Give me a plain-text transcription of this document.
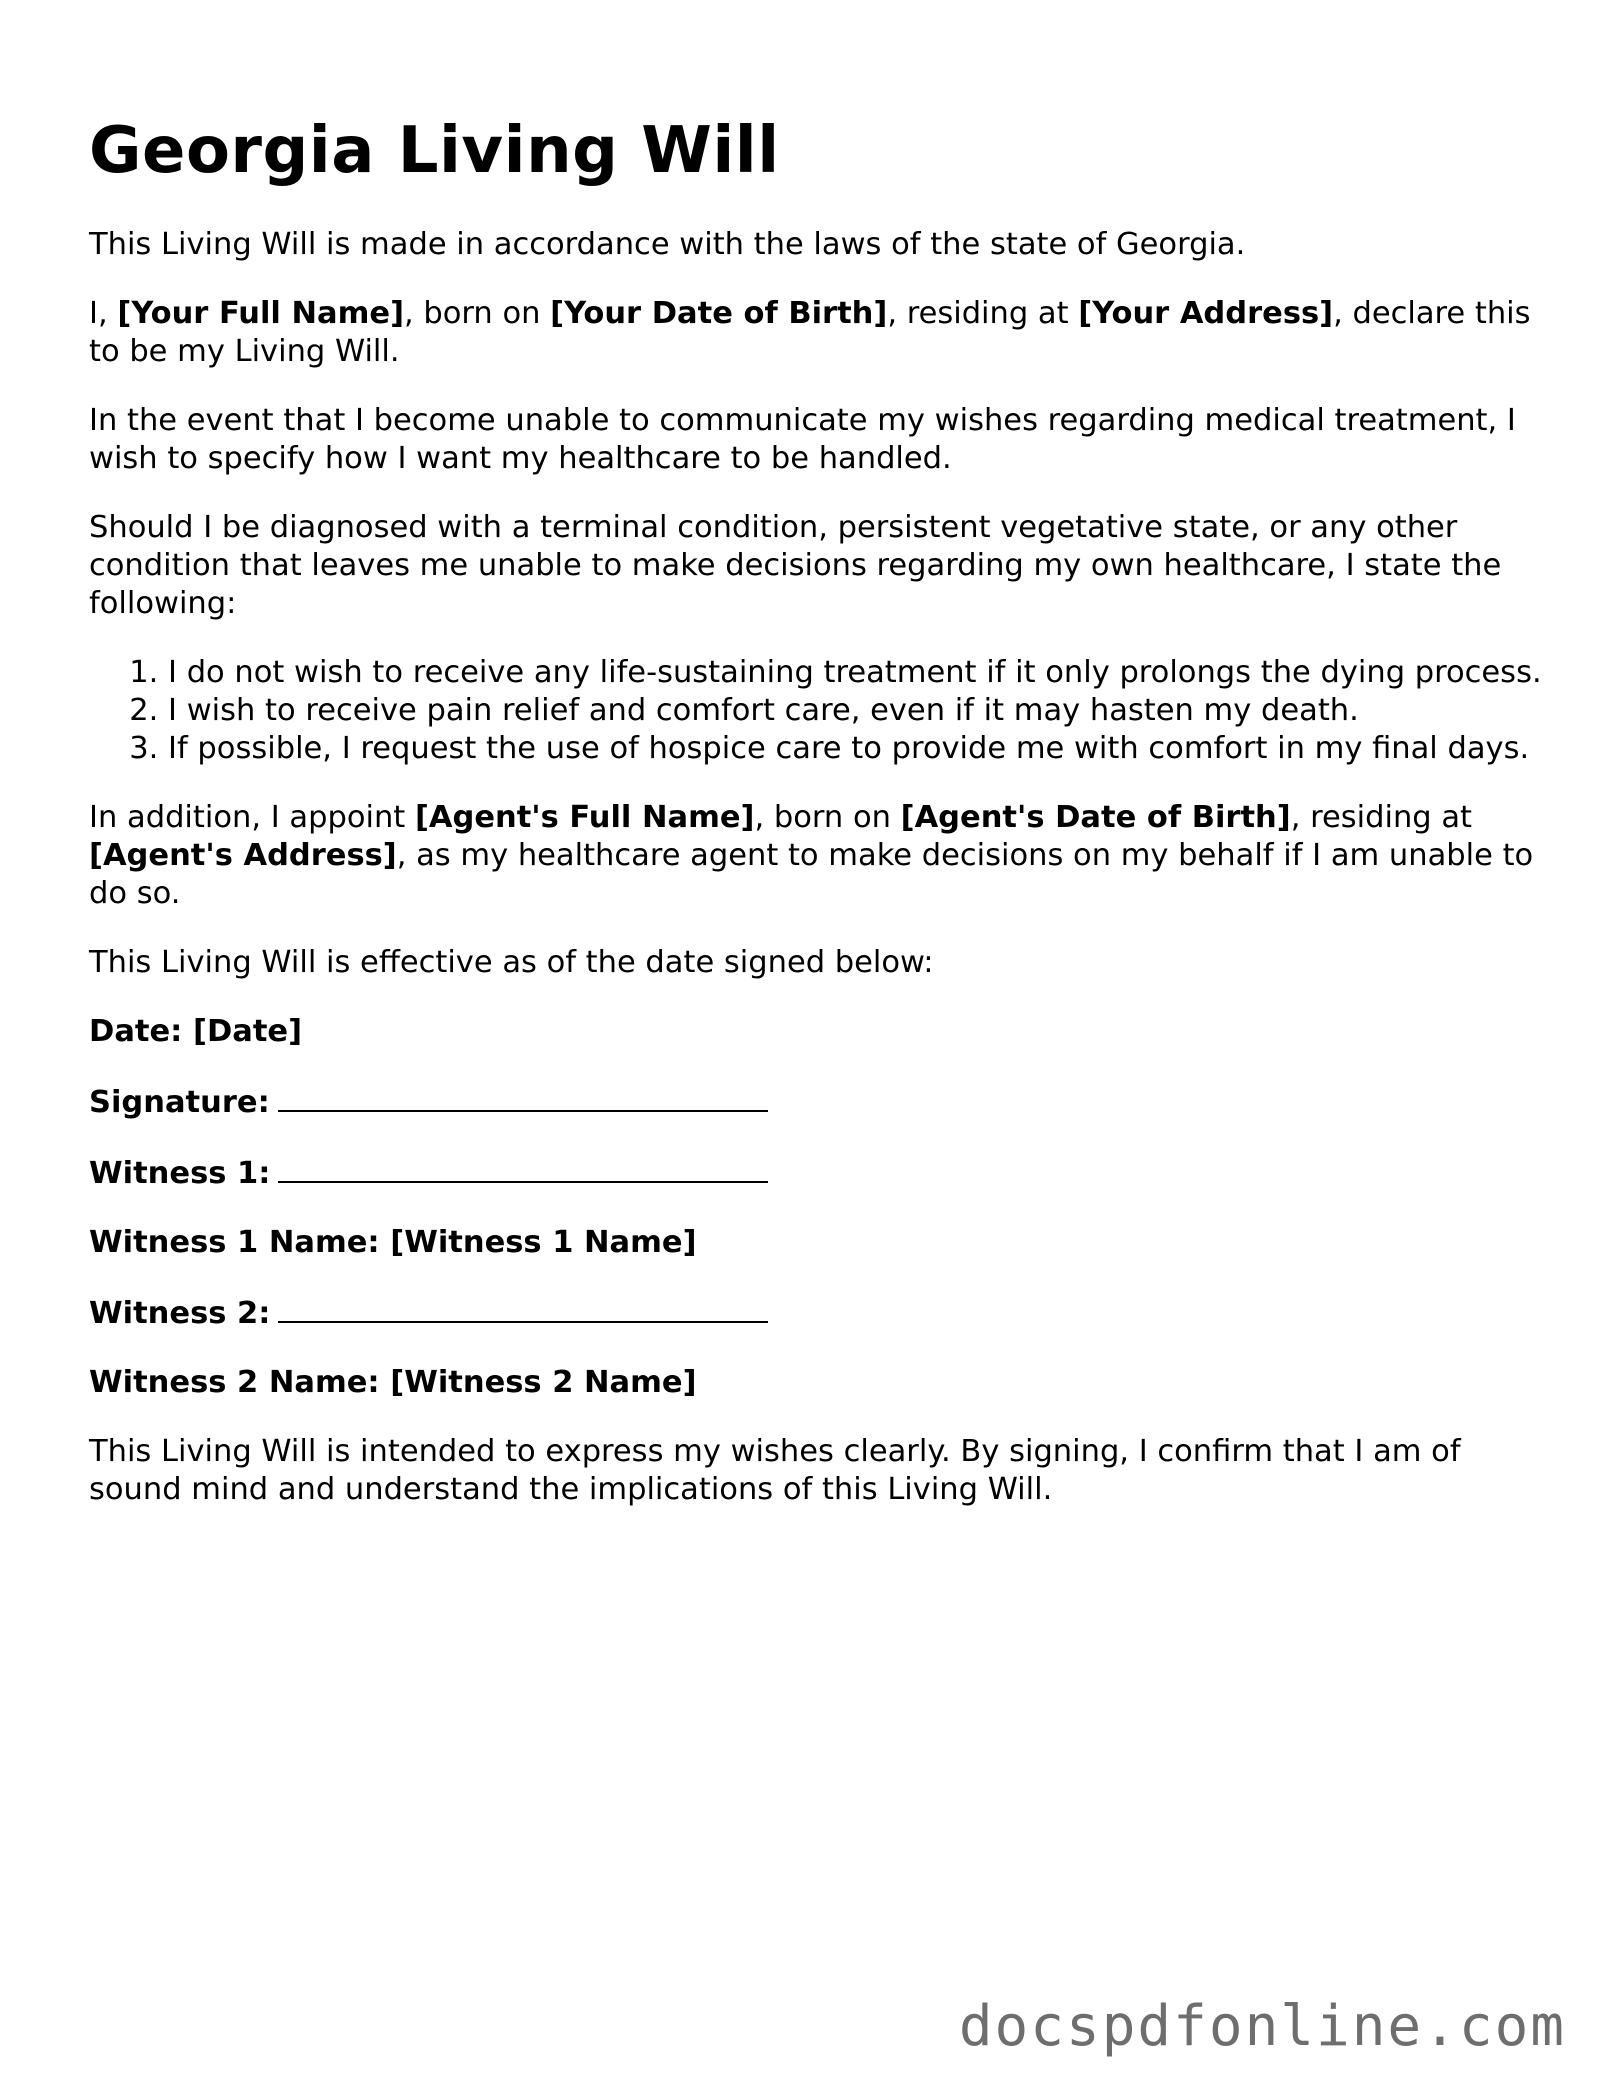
Georgia Living Will

This Living Will is made in accordance with the laws of the state of Georgia.

I, [Your Full Name], born on [Your Date of Birth], residing at [Your Address], declare this to be my Living Will.

In the event that I become unable to communicate my wishes regarding medical treatment, I wish to specify how I want my healthcare to be handled.

Should I be diagnosed with a terminal condition, persistent vegetative state, or any other condition that leaves me unable to make decisions regarding my own healthcare, I state the following:

1. I do not wish to receive any life-sustaining treatment if it only prolongs the dying process.
2. I wish to receive pain relief and comfort care, even if it may hasten my death.
3. If possible, I request the use of hospice care to provide me with comfort in my final days.

In addition, I appoint [Agent's Full Name], born on [Agent's Date of Birth], residing at [Agent's Address], as my healthcare agent to make decisions on my behalf if I am unable to do so.

This Living Will is effective as of the date signed below:

Date: [Date]

Signature:

Witness 1:

Witness 1 Name: [Witness 1 Name]

Witness 2:

Witness 2 Name: [Witness 2 Name]

This Living Will is intended to express my wishes clearly. By signing, I confirm that I am of sound mind and understand the implications of this Living Will.

docspdfonline.com
